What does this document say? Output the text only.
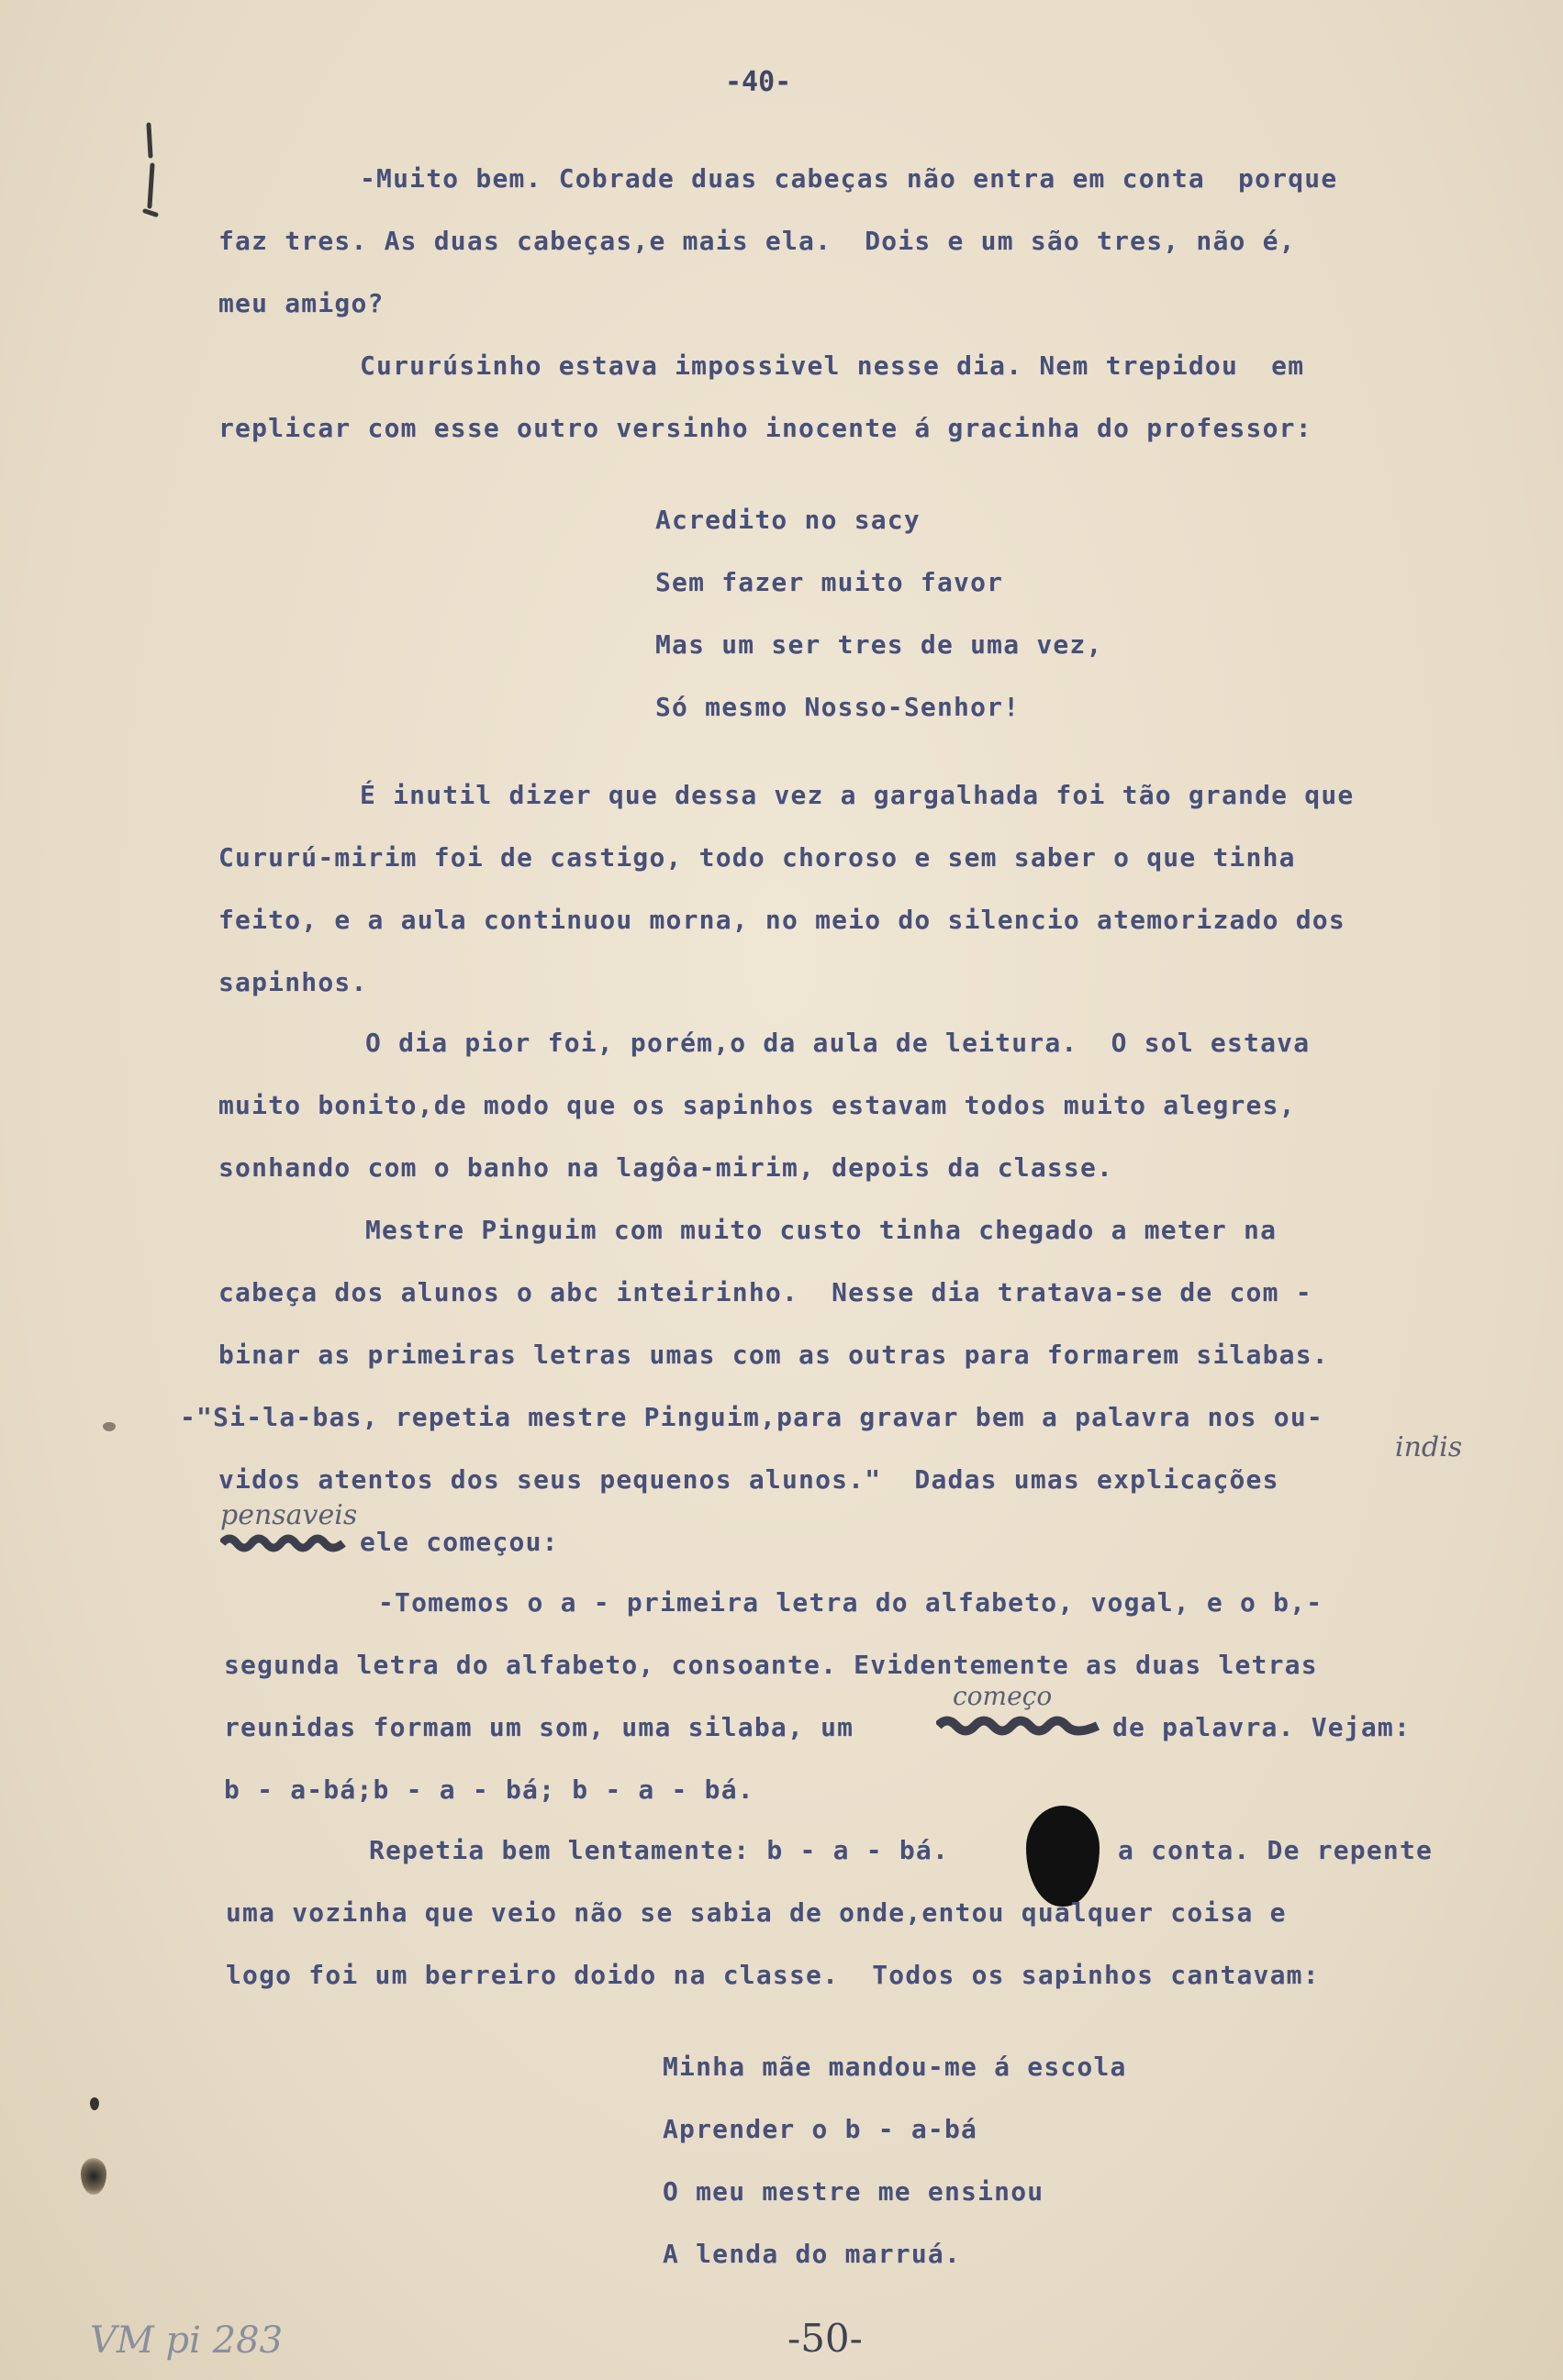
-40-
-Muito bem. Cobrade duas cabeças não entra em conta  porque
faz tres. As duas cabeças,e mais ela.  Dois e um são tres, não é,
meu amigo?
Cururúsinho estava impossivel nesse dia. Nem trepidou  em
replicar com esse outro versinho inocente á gracinha do professor:
Acredito no sacy
Sem fazer muito favor
Mas um ser tres de uma vez,
Só mesmo Nosso-Senhor!
É inutil dizer que dessa vez a gargalhada foi tão grande que
Cururú-mirim foi de castigo, todo choroso e sem saber o que tinha
feito, e a aula continuou morna, no meio do silencio atemorizado dos
sapinhos.
O dia pior foi, porém,o da aula de leitura.  O sol estava
muito bonito,de modo que os sapinhos estavam todos muito alegres,
sonhando com o banho na lagôa-mirim, depois da classe.
Mestre Pinguim com muito custo tinha chegado a meter na
cabeça dos alunos o abc inteirinho.  Nesse dia tratava-se de com -
binar as primeiras letras umas com as outras para formarem silabas.
-"Si-la-bas, repetia mestre Pinguim,para gravar bem a palavra nos ou-
vidos atentos dos seus pequenos alunos."  Dadas umas explicações
indis
pensaveis
ele começou:
-Tomemos o a - primeira letra do alfabeto, vogal, e o b,-
segunda letra do alfabeto, consoante. Evidentemente as duas letras
reunidas formam um som, uma silaba, um
começo
de palavra. Vejam:
b - a-bá;b - a - bá; b - a - bá.
Repetia bem lentamente: b - a - bá.	a conta. De repente
uma vozinha que veio não se sabia de onde,entou qualquer coisa e
logo foi um berreiro doido na classe.  Todos os sapinhos cantavam:
Minha mãe mandou-me á escola
Aprender o b - a-bá
O meu mestre me ensinou
A lenda do marruá.
VM pi 283	-50-
